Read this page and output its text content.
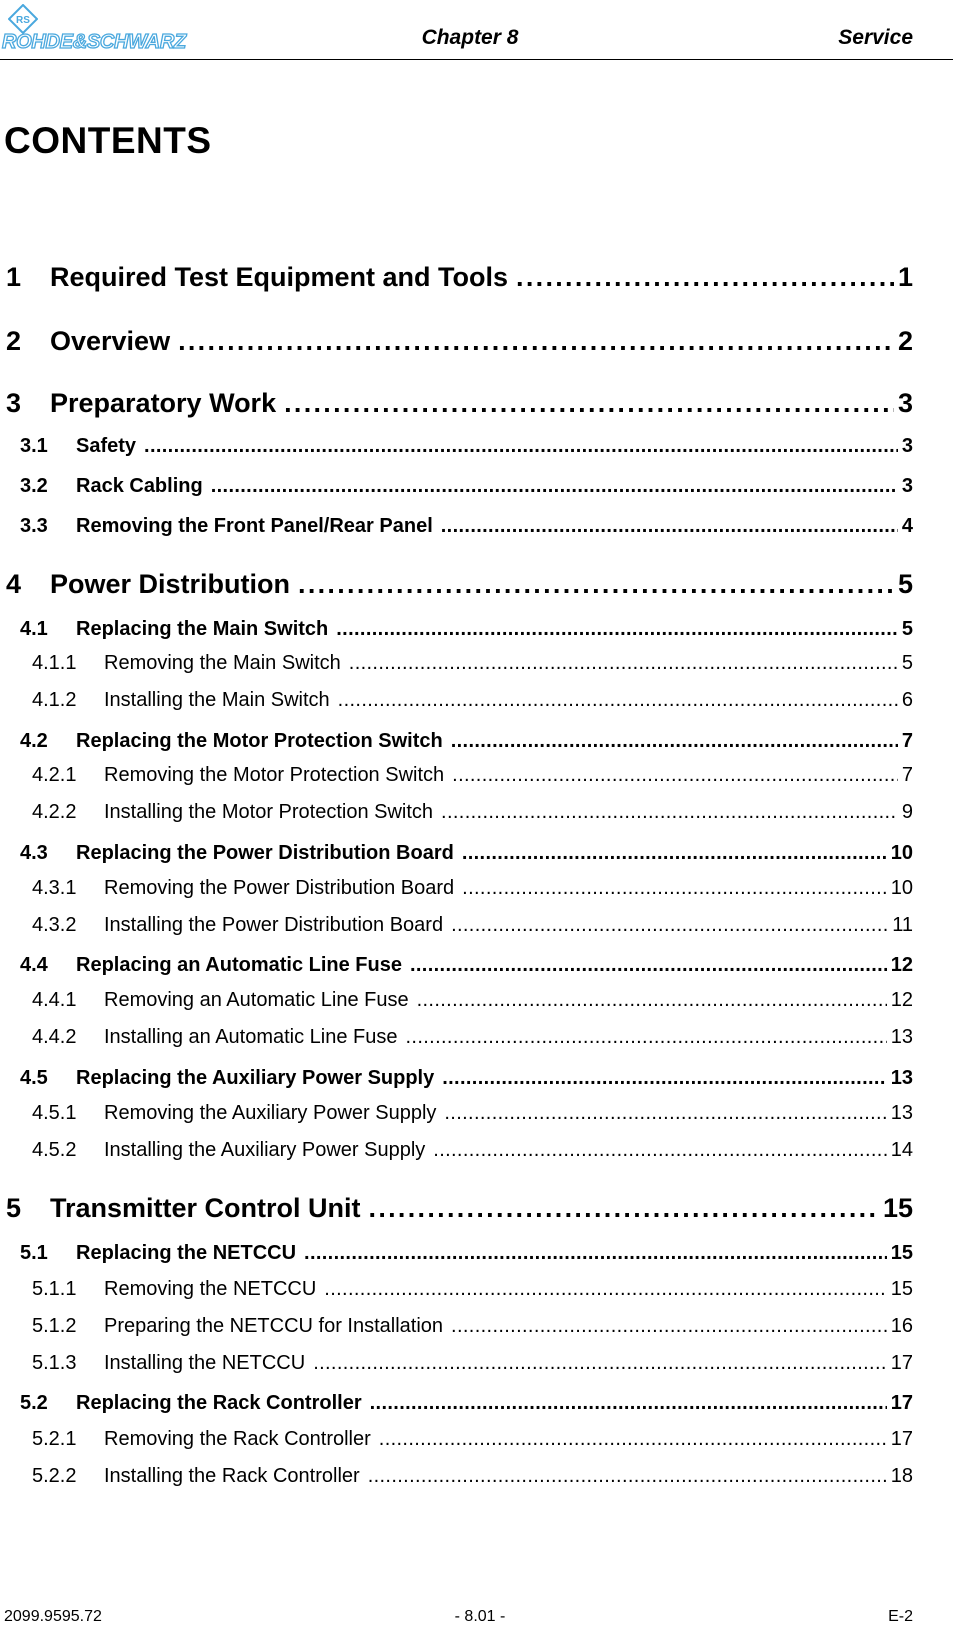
RS
ROHDE&SCHWARZ	Chapter 8	Service
CONTENTS
1	Required Test Equipment and Tools . . .	1
2	Overview . . .	2
3	Preparatory Work . . .	3
3.1	Safety . . .	3
3.2	Rack Cabling . . .	3
3.3	Removing the Front Panel/Rear Panel . . .	4
4	Power Distribution . . .	5
4.1	Replacing the Main Switch . . .	5
4.1.1	Removing the Main Switch . . .	5
4.1.2	Installing the Main Switch . . .	6
4.2	Replacing the Motor Protection Switch . . .	7
4.2.1	Removing the Motor Protection Switch . . .	7
4.2.2	Installing the Motor Protection Switch . . .	9
4.3	Replacing the Power Distribution Board . . .	10
4.3.1	Removing the Power Distribution Board . . .	10
4.3.2	Installing the Power Distribution Board . . .	11
4.4	Replacing an Automatic Line Fuse . . .	12
4.4.1	Removing an Automatic Line Fuse . . .	12
4.4.2	Installing an Automatic Line Fuse . . .	13
4.5	Replacing the Auxiliary Power Supply . . .	13
4.5.1	Removing the Auxiliary Power Supply . . .	13
4.5.2	Installing the Auxiliary Power Supply . . .	14
5	Transmitter Control Unit . . .	15
5.1	Replacing the NETCCU . . .	15
5.1.1	Removing the NETCCU . . .	15
5.1.2	Preparing the NETCCU for Installation . . .	16
5.1.3	Installing the NETCCU . . .	17
5.2	Replacing the Rack Controller . . .	17
5.2.1	Removing the Rack Controller . . .	17
5.2.2	Installing the Rack Controller . . .	18
2099.9595.72	- 8.01 -	E-2
